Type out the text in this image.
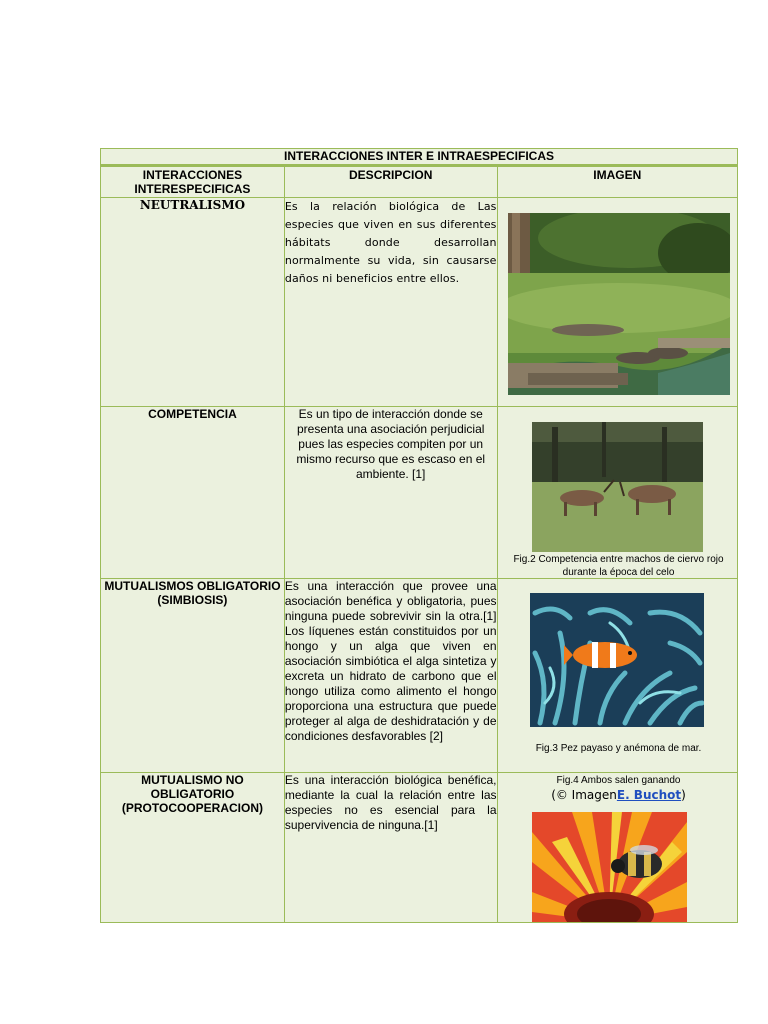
INTERACCIONES INTER E INTRAESPECIFICAS		
INTERACCIONES INTERESPECIFICAS	DESCRIPCION	IMAGEN
NEUTRALISMO	Es la relación biológica de Las especies que viven en sus diferentes hábitats donde desarrollan normalmente su vida, sin causarse daños ni beneficios entre ellos.	

COMPETENCIA	Es un tipo de interacción donde se presenta una asociación perjudicial pues las especies compiten por un mismo recurso que es escaso en el ambiente. [1]	Fig.2 Competencia entre machos de ciervo rojo durante la época del celo

MUTUALISMOS OBLIGATORIO (SIMBIOSIS)	Es una interacción que provee una asociación benéfica y obligatoria, pues ninguna puede sobrevivir sin la otra.[1] Los líquenes están constituidos por un hongo y un alga que viven en asociación simbiótica el alga sintetiza y excreta un hidrato de carbono que el hongo utiliza como alimento el hongo proporciona una estructura que puede proteger al alga de deshidratación y de condiciones desfavorables [2]	Fig.3 Pez payaso y anémona de mar.

MUTUALISMO NO OBLIGATORIO (PROTOCOOPERACION)	Es una interacción biológica benéfica, mediante la cual la relación entre las especies no es esencial para la supervivencia de ninguna.[1]	Fig.4 Ambos salen ganando
(© ImagenE. Buchot)
